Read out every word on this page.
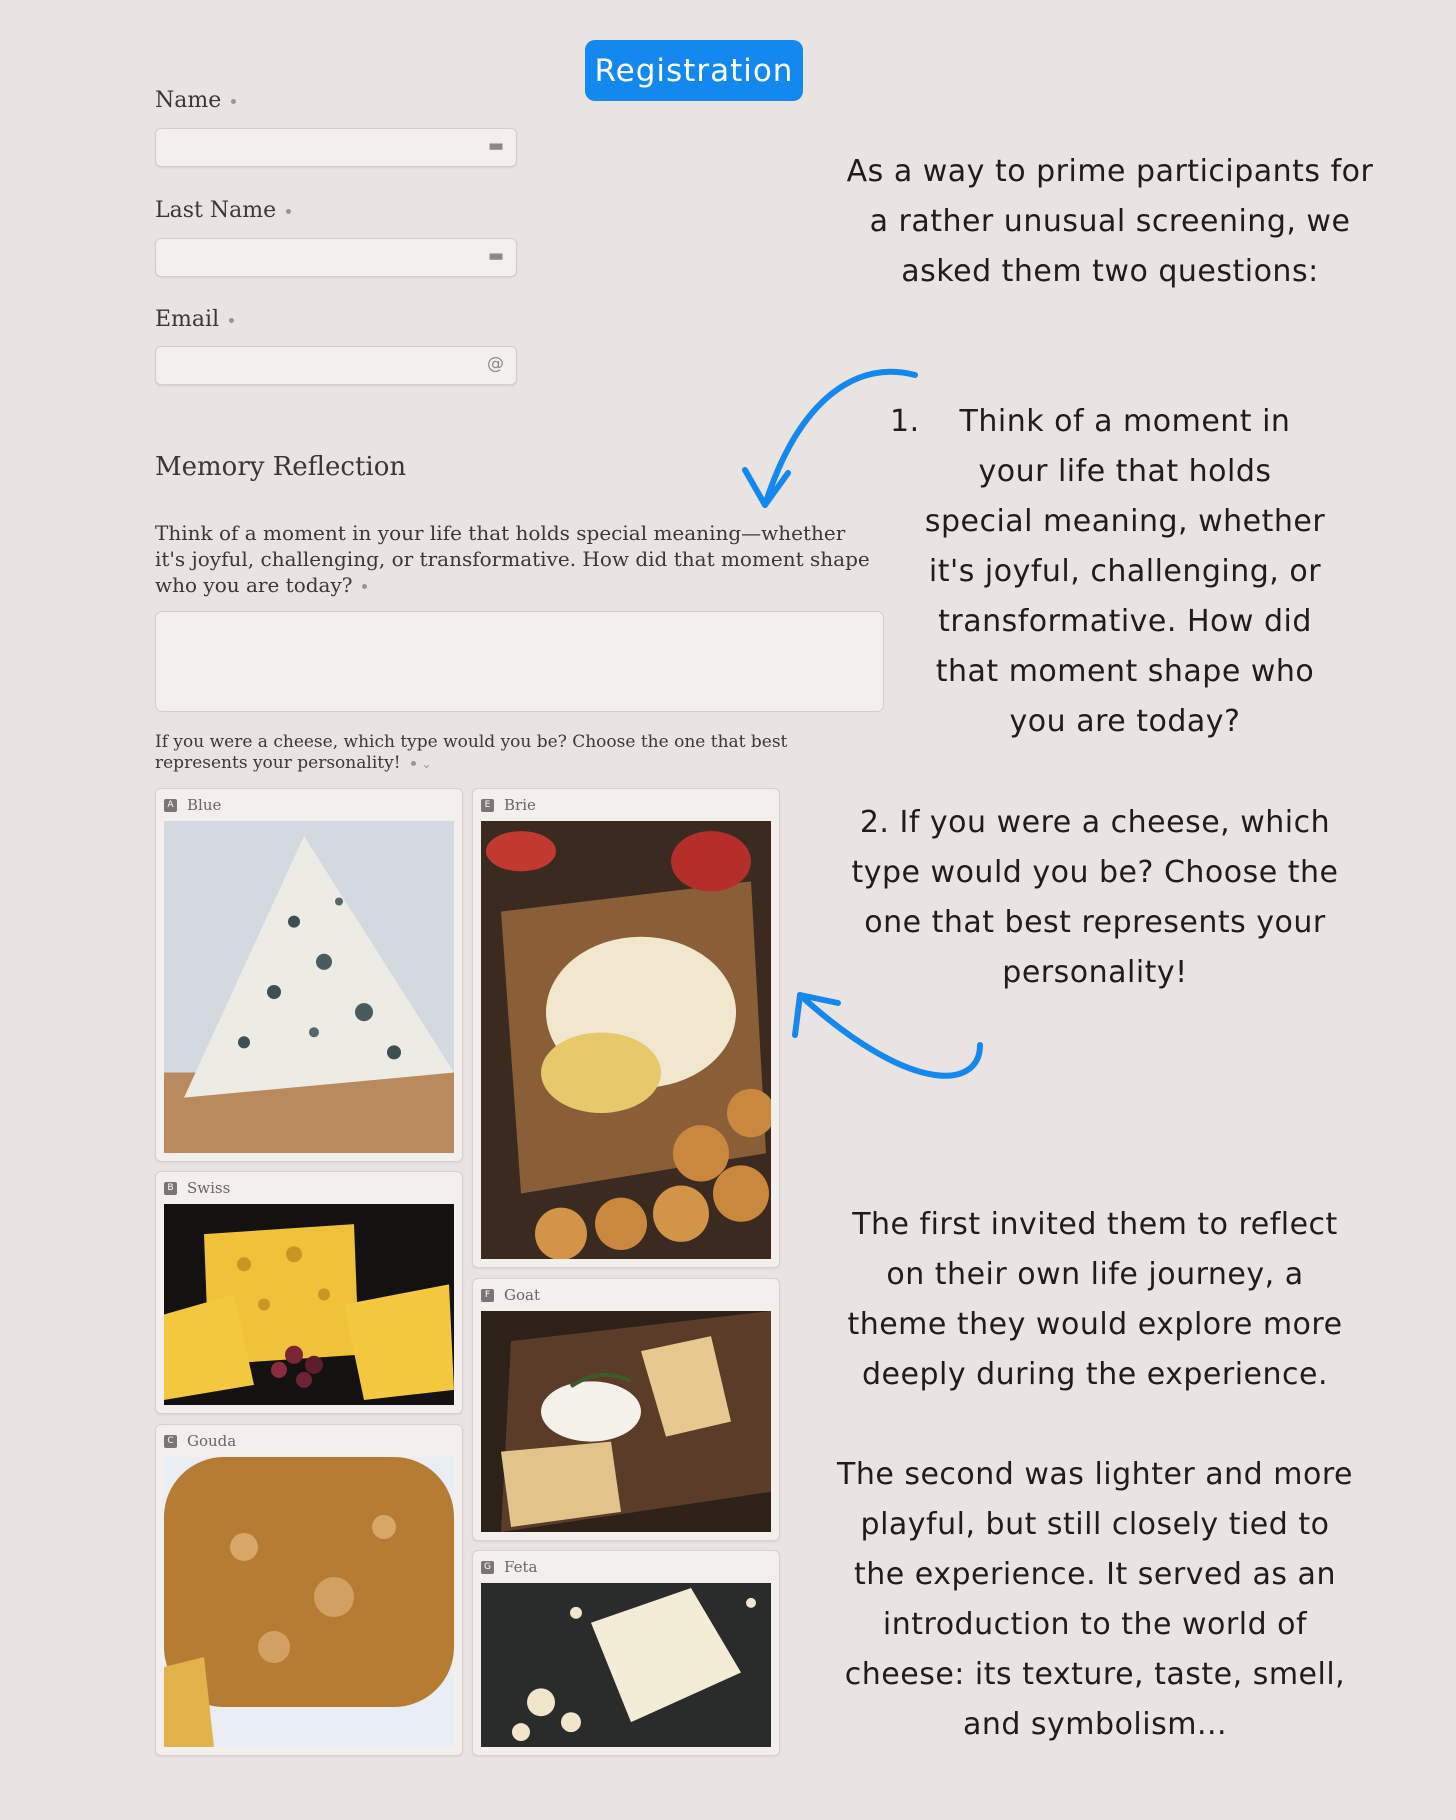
Registration
Name
▬
Last Name
▬
Email
@
Memory Reflection
Think of a moment in your life that holds special meaning—whether it's joyful, challenging, or transformative. How did that moment shape who you are today?
If you were a cheese, which type would you be? Choose the one that best represents your personality! ⌄
A Blue	E Brie
B Swiss
F Goat
C Gouda
G Feta
As a way to prime participants for
a rather unusual screening, we
asked them two questions:
1. Think of a moment in
your life that holds
special meaning, whether
it's joyful, challenging, or
transformative. How did
that moment shape who
you are today?
2. If you were a cheese, which
type would you be? Choose the
one that best represents your
personality!
The first invited them to reflect
on their own life journey, a
theme they would explore more
deeply during the experience.
The second was lighter and more
playful, but still closely tied to
the experience. It served as an
introduction to the world of
cheese: its texture, taste, smell,
and symbolism...
